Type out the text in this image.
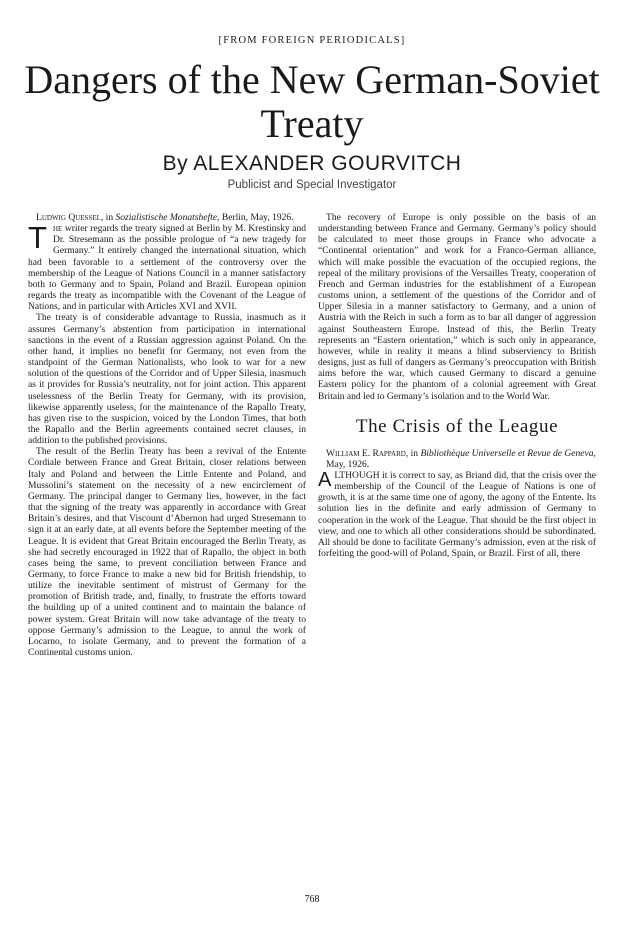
[FROM FOREIGN PERIODICALS]
Dangers of the New German-Soviet Treaty
By ALEXANDER GOURVITCH
Publicist and Special Investigator

Ludwig Quessel, in Sozialistische Monatshefte, Berlin, May, 1926.

The writer regards the treaty signed at Berlin by M. Krestinsky and Dr. Stresemann as the possible prologue of “a new tragedy for Germany.” It entirely changed the international situation, which had been favorable to a settlement of the controversy over the membership of the League of Nations Council in a manner satisfactory both to Germany and to Spain, Poland and Brazil. European opinion regards the treaty as incompatible with the Covenant of the League of Nations, and in particular with Articles XVI and XVII.

The treaty is of considerable advantage to Russia, inasmuch as it assures Germany’s abstention from participation in international sanctions in the event of a Russian aggression against Poland. On the other hand, it implies no benefit for Germany, not even from the standpoint of the German Nationalists, who look to war for a new solution of the questions of the Corridor and of Upper Silesia, inasmuch as it provides for Russia’s neutrality, not for joint action. This apparent uselessness of the Berlin Treaty for Germany, with its provision, likewise apparently useless, for the maintenance of the Rapallo Treaty, has given rise to the suspicion, voiced by the London Times, that both the Rapallo and the Berlin agreements contained secret clauses, in addition to the published provisions.

The result of the Berlin Treaty has been a revival of the Entente Cordiale between France and Great Britain, closer relations between Italy and Poland and between the Little Entente and Poland, and Mussolini’s statement on the necessity of a new encirclement of Germany. The principal danger to Germany lies, however, in the fact that the signing of the treaty was apparently in accordance with Great Britain’s desires, and that Viscount d’Abernon had urged Stresemann to sign it at an early date, at all events before the September meeting of the League. It is evident that Great Britain encouraged the Berlin Treaty, as she had secretly encouraged in 1922 that of Rapallo, the object in both cases being the same, to prevent conciliation between France and Germany, to force France to make a new bid for British friendship, to utilize the inevitable sentiment of mistrust of Germany for the promotion of British trade, and, finally, to frustrate the efforts toward the building up of a united continent and to maintain the balance of power system. Great Britain will now take advantage of the treaty to oppose Germany’s admission to the League, to annul the work of Locarno, to isolate Germany, and to prevent the formation of a Continental customs union.

The recovery of Europe is only possible on the basis of an understanding between France and Germany. Germany’s policy should be calculated to meet those groups in France who advocate a “Continental orientation” and work for a Franco-German alliance, which will make possible the evacuation of the occupied regions, the repeal of the military provisions of the Versailles Treaty, cooperation of French and German industries for the establishment of a European customs union, a settlement of the questions of the Corridor and of Upper Silesia in a manner satisfactory to Germany, and a union of Austria with the Reich in such a form as to bar all danger of aggression against Southeastern Europe. Instead of this, the Berlin Treaty represents an “Eastern orientation,” which is such only in appearance, however, while in reality it means a blind subserviency to British designs, just as full of dangers as Germany’s preoccupation with British aims before the war, which caused Germany to discard a genuine Eastern policy for the phantom of a colonial agreement with Great Britain and led to Germany’s isolation and to the World War.

The Crisis of the League

William E. Rappard, in Bibliothèque Universelle et Revue de Geneva, May, 1926.

ALTHOUGH it is correct to say, as Briand did, that the crisis over the membership of the Council of the League of Nations is one of growth, it is at the same time one of agony, the agony of the Entente. Its solution lies in the definite and early admission of Germany to cooperation in the work of the League. That should be the first object in view, and one to which all other considerations should be subordinated. All should be done to facilitate Germany’s admission, even at the risk of forfeiting the good-will of Poland, Spain, or Brazil. First of all, there

768
